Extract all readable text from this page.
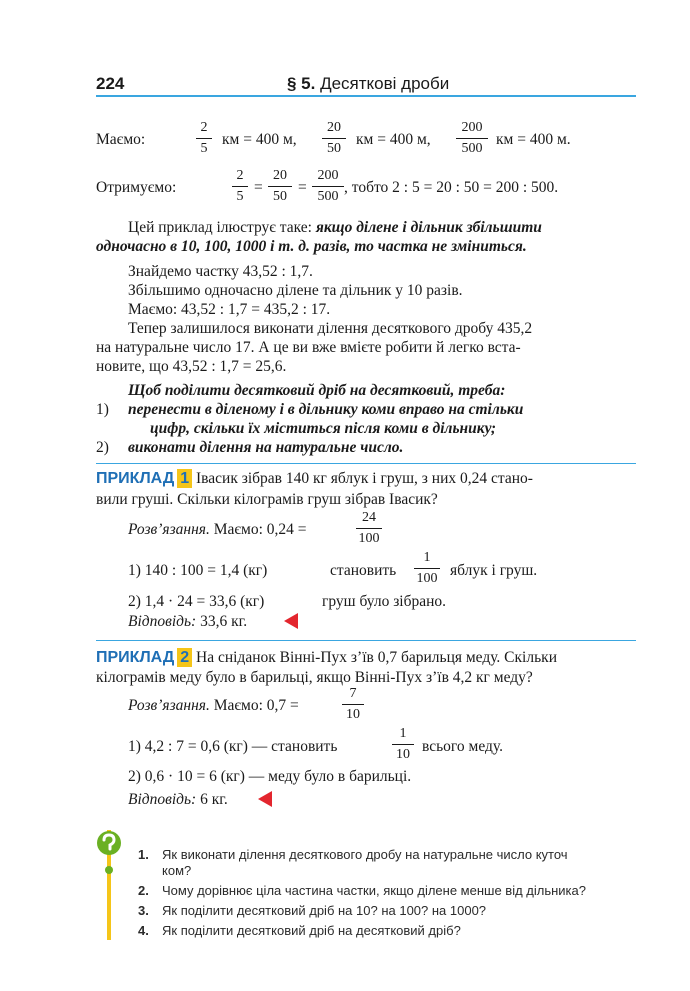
224	§ 5. Десяткові дроби
Маємо:
2
5
км = 400 м,
20
50
км = 400 м,
200
500
км = 400 м.
Отримуємо:
2
5
=
20
50
=
200
500
, тобто 2 : 5 = 20 : 50 = 200 : 500.
Цей приклад ілюструє таке: якщо ділене і дільник збільшити
одночасно в 10, 100, 1000 і т. д. разів, то частка не зміниться.
Знайдемо частку 43,52 : 1,7.
Збільшимо одночасно ділене та дільник у 10 разів.
Маємо: 43,52 : 1,7 = 435,2 : 17.
Тепер залишилося виконати ділення десяткового дробу 435,2
на натуральне число 17. А це ви вже вмієте робити й легко вста-
новите, що 43,52 : 1,7 = 25,6.
Щоб поділити десятковий дріб на десятковий, треба:
1) перенести в діленому і в дільнику коми вправо на стільки
цифр, скільки їх міститься після коми в дільнику;
2) виконати ділення на натуральне число.
ПРИКЛАД 1 Івасик зібрав 140 кг яблук і груш, з них 0,24 стано-
вили груші. Скільки кілограмів груш зібрав Івасик?
Розв’язання. Маємо: 0,24 =
24
100
1) 140 : 100 = 1,4 (кг)	становить
1
100 яблук і груш.
2) 1,4 · 24 = 33,6 (кг)	груш було зібрано.
Відповідь: 33,6 кг.
ПРИКЛАД 2 На сніданок Вінні-Пух з’їв 0,7 барильця меду. Скільки
кілограмів меду було в барильці, якщо Вінні-Пух з’їв 4,2 кг меду?
Розв’язання. Маємо: 0,7 =
7
10
1) 4,2 : 7 = 0,6 (кг) — становить
1
10 всього меду.
2) 0,6 · 10 = 6 (кг) — меду було в барильці.
Відповідь: 6 кг.
1. Як виконати ділення десяткового дробу на натуральне число куточ
ком?
2. Чому дорівнює ціла частина частки, якщо ділене менше від дільника?
3. Як поділити десятковий дріб на 10? на 100? на 1000?
4. Як поділити десятковий дріб на десятковий дріб?
